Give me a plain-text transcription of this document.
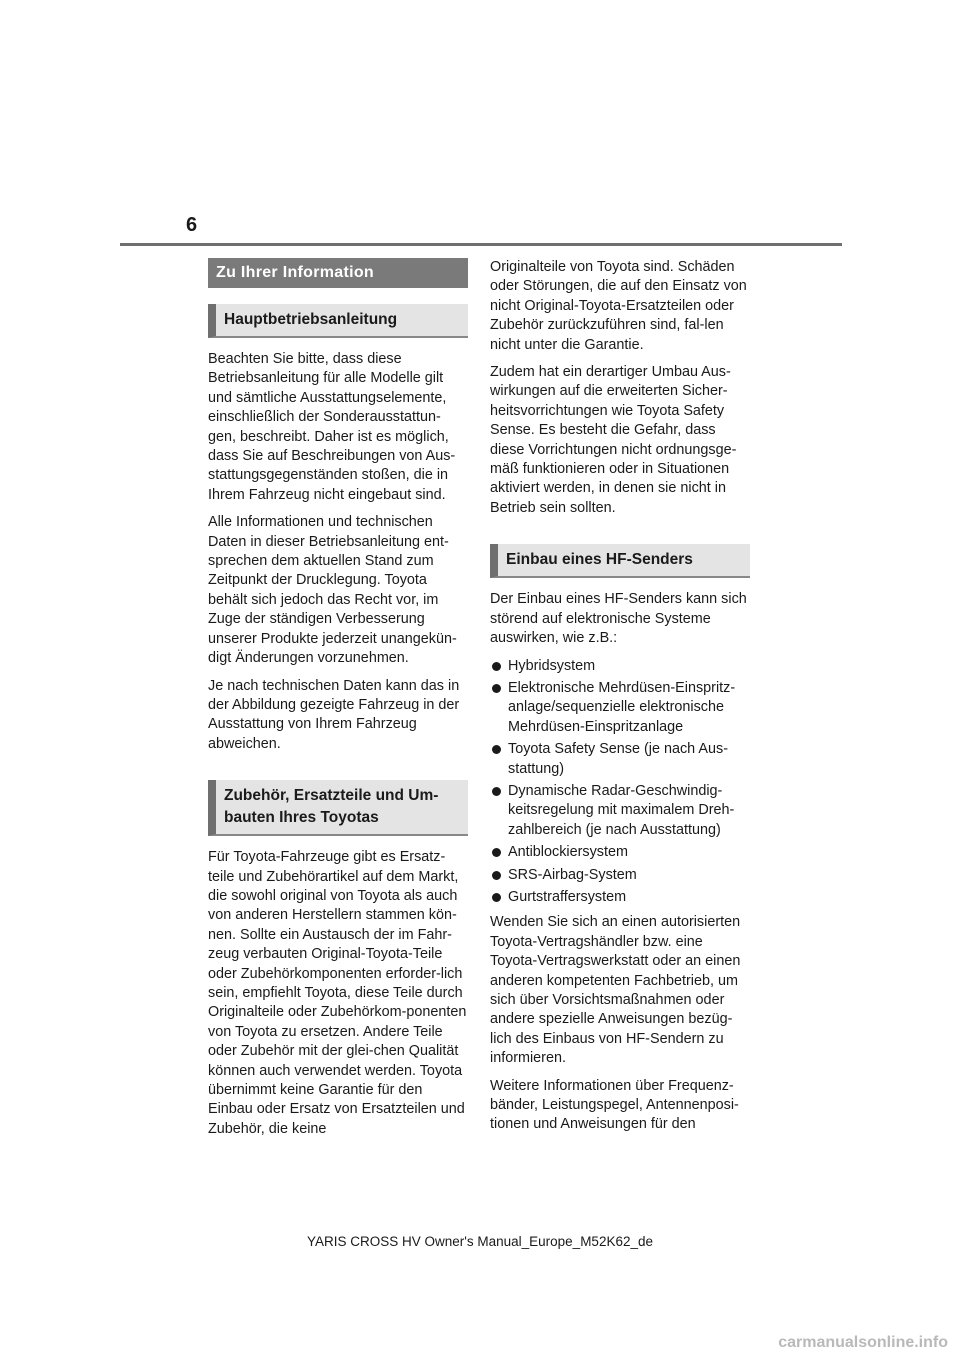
6
Zu Ihrer Information
Hauptbetriebsanleitung

Beachten Sie bitte, dass diese Betriebsanleitung für alle Modelle gilt und sämtliche Ausstattungselemente, einschließlich der Sonderausstattun-gen, beschreibt. Daher ist es möglich, dass Sie auf Beschreibungen von Aus-stattungsgegenständen stoßen, die in Ihrem Fahrzeug nicht eingebaut sind.

Alle Informationen und technischen Daten in dieser Betriebsanleitung ent-sprechen dem aktuellen Stand zum Zeitpunkt der Drucklegung. Toyota behält sich jedoch das Recht vor, im Zuge der ständigen Verbesserung unserer Produkte jederzeit unangekün-digt Änderungen vorzunehmen.

Je nach technischen Daten kann das in der Abbildung gezeigte Fahrzeug in der Ausstattung von Ihrem Fahrzeug abweichen.

Zubehör, Ersatzteile und Um-bauten Ihres Toyotas

Für Toyota-Fahrzeuge gibt es Ersatz-teile und Zubehörartikel auf dem Markt, die sowohl original von Toyota als auch von anderen Herstellern stammen kön-nen. Sollte ein Austausch der im Fahr-zeug verbauten Original-Toyota-Teile oder Zubehörkomponenten erforder-lich sein, empfiehlt Toyota, diese Teile durch Originalteile oder Zubehörkom-ponenten von Toyota zu ersetzen. Andere Teile oder Zubehör mit der glei-chen Qualität können auch verwendet werden. Toyota übernimmt keine Garantie für den Einbau oder Ersatz von Ersatzteilen und Zubehör, die keine

Originalteile von Toyota sind. Schäden oder Störungen, die auf den Einsatz von nicht Original-Toyota-Ersatzteilen oder Zubehör zurückzuführen sind, fal-len nicht unter die Garantie.

Zudem hat ein derartiger Umbau Aus-wirkungen auf die erweiterten Sicher-heitsvorrichtungen wie Toyota Safety Sense. Es besteht die Gefahr, dass diese Vorrichtungen nicht ordnungsge-mäß funktionieren oder in Situationen aktiviert werden, in denen sie nicht in Betrieb sein sollten.

Einbau eines HF-Senders

Der Einbau eines HF-Senders kann sich störend auf elektronische Systeme auswirken, wie z.B.:

Hybridsystem
Elektronische Mehrdüsen-Einspritz-anlage/sequenzielle elektronische Mehrdüsen-Einspritzanlage
Toyota Safety Sense (je nach Aus-stattung)
Dynamische Radar-Geschwindig-keitsregelung mit maximalem Dreh-zahlbereich (je nach Ausstattung)
Antiblockiersystem
SRS-Airbag-System
Gurtstraffersystem

Wenden Sie sich an einen autorisierten Toyota-Vertragshändler bzw. eine Toyota-Vertragswerkstatt oder an einen anderen kompetenten Fachbetrieb, um sich über Vorsichtsmaßnahmen oder andere spezielle Anweisungen bezüg-lich des Einbaus von HF-Sendern zu informieren.

Weitere Informationen über Frequenz-bänder, Leistungspegel, Antennenposi-tionen und Anweisungen für den

YARIS CROSS HV Owner's Manual_Europe_M52K62_de
carmanualsonline.info
